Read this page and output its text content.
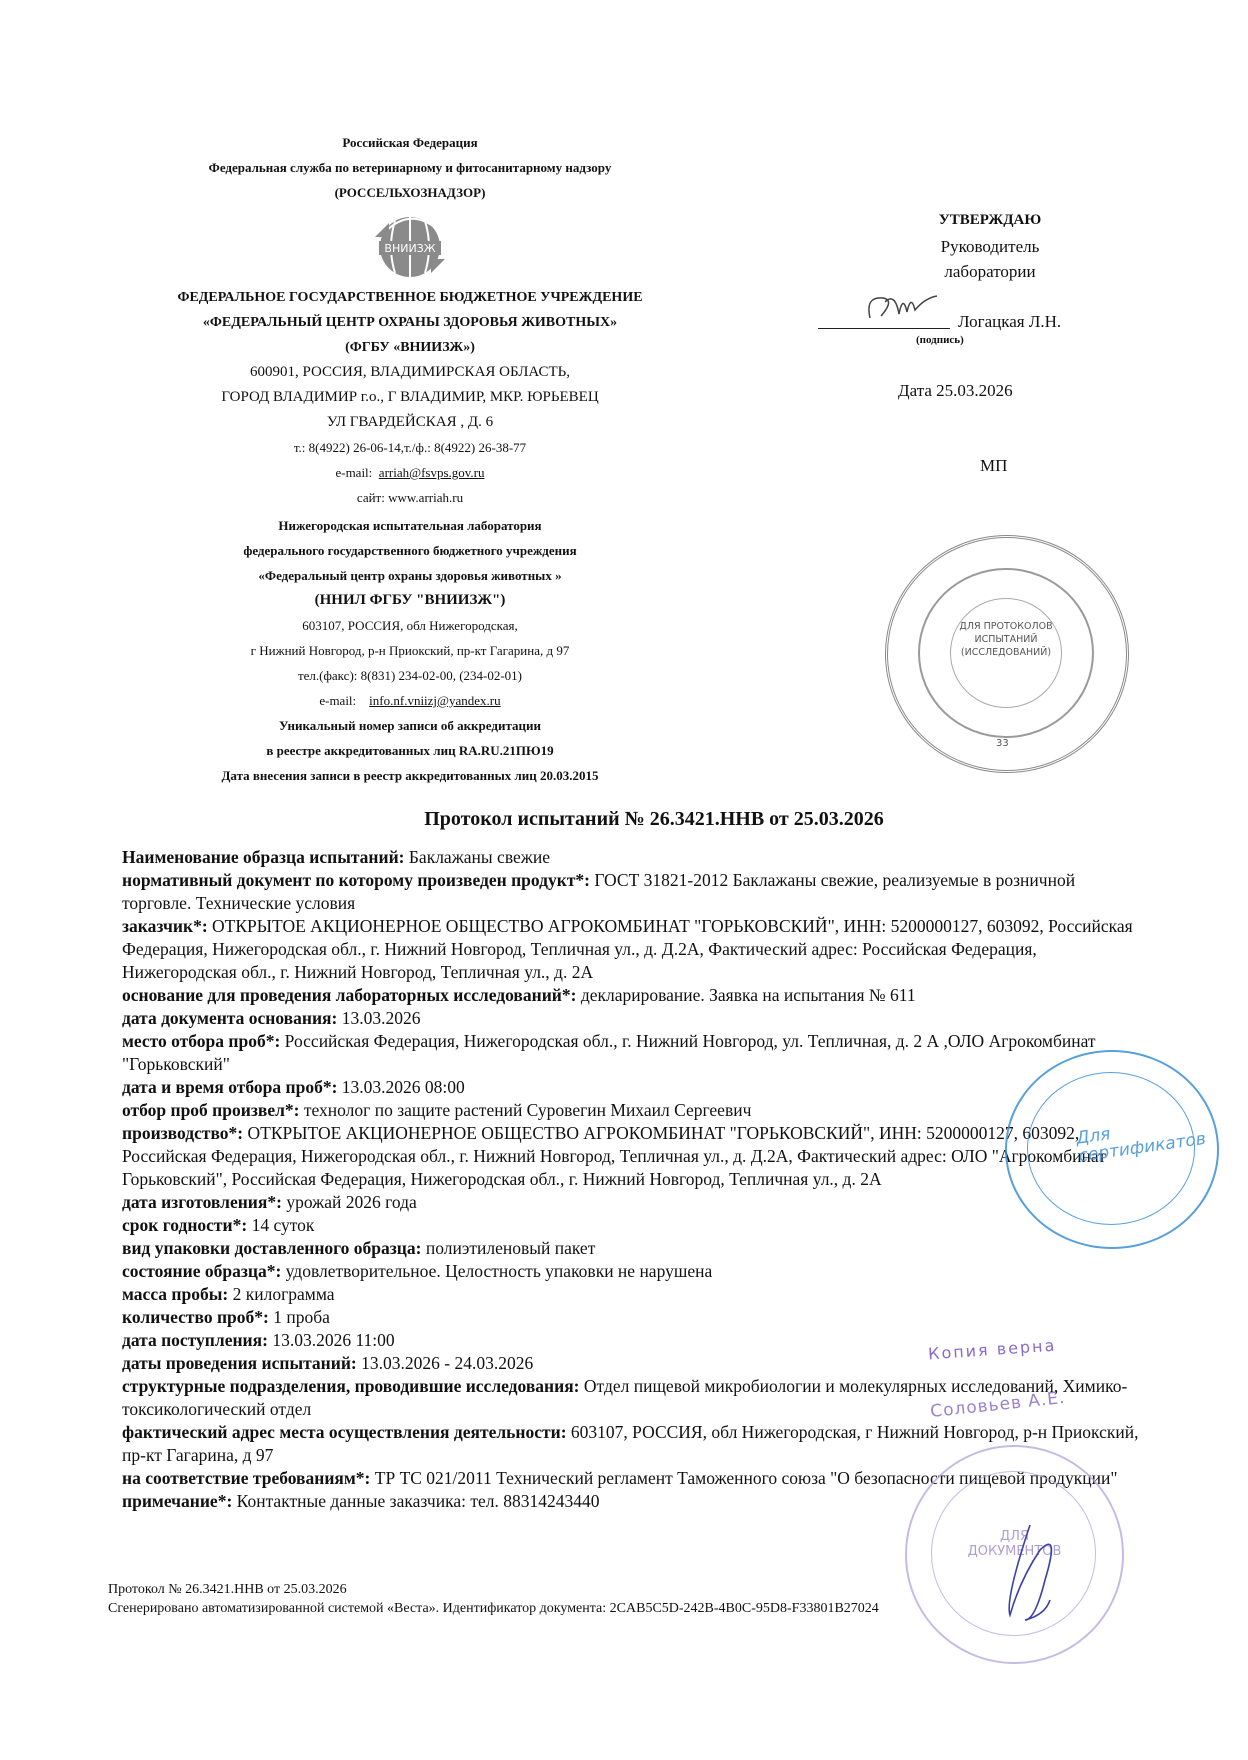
Российская Федерация
Федеральная служба по ветеринарному и фитосанитарному надзору
(РОССЕЛЬХОЗНАДЗОР)
ВНИИЗЖ
ФЕДЕРАЛЬНОЕ ГОСУДАРСТВЕННОЕ БЮДЖЕТНОЕ УЧРЕЖДЕНИЕ
«ФЕДЕРАЛЬНЫЙ ЦЕНТР ОХРАНЫ ЗДОРОВЬЯ ЖИВОТНЫХ»
(ФГБУ «ВНИИЗЖ»)
600901, РОССИЯ, ВЛАДИМИРСКАЯ ОБЛАСТЬ,
ГОРОД ВЛАДИМИР г.о., Г ВЛАДИМИР, МКР. ЮРЬЕВЕЦ
УЛ ГВАРДЕЙСКАЯ , Д. 6
т.: 8(4922) 26-06-14,т./ф.: 8(4922) 26-38-77
e-mail: arriah@fsvps.gov.ru
сайт: www.arriah.ru
Нижегородская испытательная лаборатория
федерального государственного бюджетного учреждения
«Федеральный центр охраны здоровья животных »
(ННИЛ ФГБУ "ВНИИЗЖ")
603107, РОССИЯ, обл Нижегородская,
г Нижний Новгород, р-н Приокский, пр-кт Гагарина, д 97
тел.(факс): 8(831) 234-02-00, (234-02-01)
e-mail: info.nf.vniizj@yandex.ru
Уникальный номер записи об аккредитации
в реестре аккредитованных лиц RA.RU.21ПЮ19
Дата внесения записи в реестр аккредитованных лиц 20.03.2015
УТВЕРЖДАЮ
Руководитель
лаборатории
Логацкая Л.Н.
(подпись)
Дата 25.03.2026
МП
ДЛЯ ПРОТОКОЛОВ ИСПЫТАНИЙ (ИССЛЕДОВАНИЙ)
33
Протокол испытаний № 26.3421.ННВ от 25.03.2026

Наименование образца испытаний: Баклажаны свежие

нормативный документ по которому произведен продукт*: ГОСТ 31821-2012 Баклажаны свежие, реализуемые в розничной торговле. Технические условия

заказчик*: ОТКРЫТОЕ АКЦИОНЕРНОЕ ОБЩЕСТВО АГРОКОМБИНАТ "ГОРЬКОВСКИЙ", ИНН: 5200000127, 603092, Российская Федерация, Нижегородская обл., г. Нижний Новгород, Тепличная ул., д. Д.2А, Фактический адрес: Российская Федерация, Нижегородская обл., г. Нижний Новгород, Тепличная ул., д. 2А

основание для проведения лабораторных исследований*: декларирование. Заявка на испытания № 611

дата документа основания: 13.03.2026

место отбора проб*: Российская Федерация, Нижегородская обл., г. Нижний Новгород, ул. Тепличная, д. 2 А ,ОЛО Агрокомбинат "Горьковский"

дата и время отбора проб*: 13.03.2026 08:00

отбор проб произвел*: технолог по защите растений Суровегин Михаил Сергеевич

производство*: ОТКРЫТОЕ АКЦИОНЕРНОЕ ОБЩЕСТВО АГРОКОМБИНАТ "ГОРЬКОВСКИЙ", ИНН: 5200000127, 603092, Российская Федерация, Нижегородская обл., г. Нижний Новгород, Тепличная ул., д. Д.2А, Фактический адрес: ОЛО "Агрокомбинат Горьковский", Российская Федерация, Нижегородская обл., г. Нижний Новгород, Тепличная ул., д. 2А

дата изготовления*: урожай 2026 года

срок годности*: 14 суток

вид упаковки доставленного образца: полиэтиленовый пакет

состояние образца*: удовлетворительное. Целостность упаковки не нарушена

масса пробы: 2 килограмма

количество проб*: 1 проба

дата поступления: 13.03.2026 11:00

даты проведения испытаний: 13.03.2026 - 24.03.2026

структурные подразделения, проводившие исследования: Отдел пищевой микробиологии и молекулярных исследований, Химико-токсикологический отдел

фактический адрес места осуществления деятельности: 603107, РОССИЯ, обл Нижегородская, г Нижний Новгород, р-н Приокский, пр-кт Гагарина, д 97

на соответствие требованиям*: ТР ТС 021/2011 Технический регламент Таможенного союза "О безопасности пищевой продукции"

примечание*: Контактные данные заказчика: тел. 88314243440

Протокол № 26.3421.ННВ от 25.03.2026
Сгенерировано автоматизированной системой «Веста». Идентификатор документа: 2CAB5C5D-242B-4B0C-95D8-F33801B27024
Для сертификатов
Копия верна
Соловьев А.Е.
ДЛЯ ДОКУМЕНТОВ
